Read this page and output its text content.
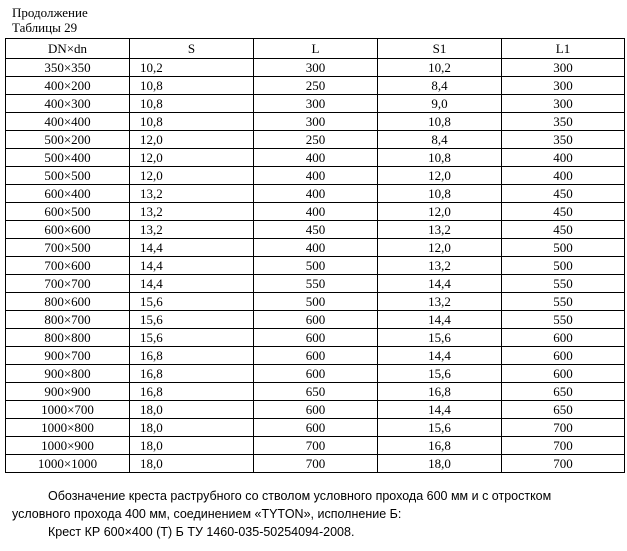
Продолжение
Таблицы 29
DN×dn	S	L	S1	L1
350×350	10,2	300	10,2	300
400×200	10,8	250	8,4	300
400×300	10,8	300	9,0	300
400×400	10,8	300	10,8	350
500×200	12,0	250	8,4	350
500×400	12,0	400	10,8	400
500×500	12,0	400	12,0	400
600×400	13,2	400	10,8	450
600×500	13,2	400	12,0	450
600×600	13,2	450	13,2	450
700×500	14,4	400	12,0	500
700×600	14,4	500	13,2	500
700×700	14,4	550	14,4	550
800×600	15,6	500	13,2	550
800×700	15,6	600	14,4	550
800×800	15,6	600	15,6	600
900×700	16,8	600	14,4	600
900×800	16,8	600	15,6	600
900×900	16,8	650	16,8	650
1000×700	18,0	600	14,4	650
1000×800	18,0	600	15,6	700
1000×900	18,0	700	16,8	700
1000×1000	18,0	700	18,0	700
Обозначение креста раструбного со стволом условного прохода 600 мм и с отростком
условного прохода 400 мм, соединением «TYTON», исполнение Б:
Крест КР 600×400 (Т) Б ТУ 1460-035-50254094-2008.
